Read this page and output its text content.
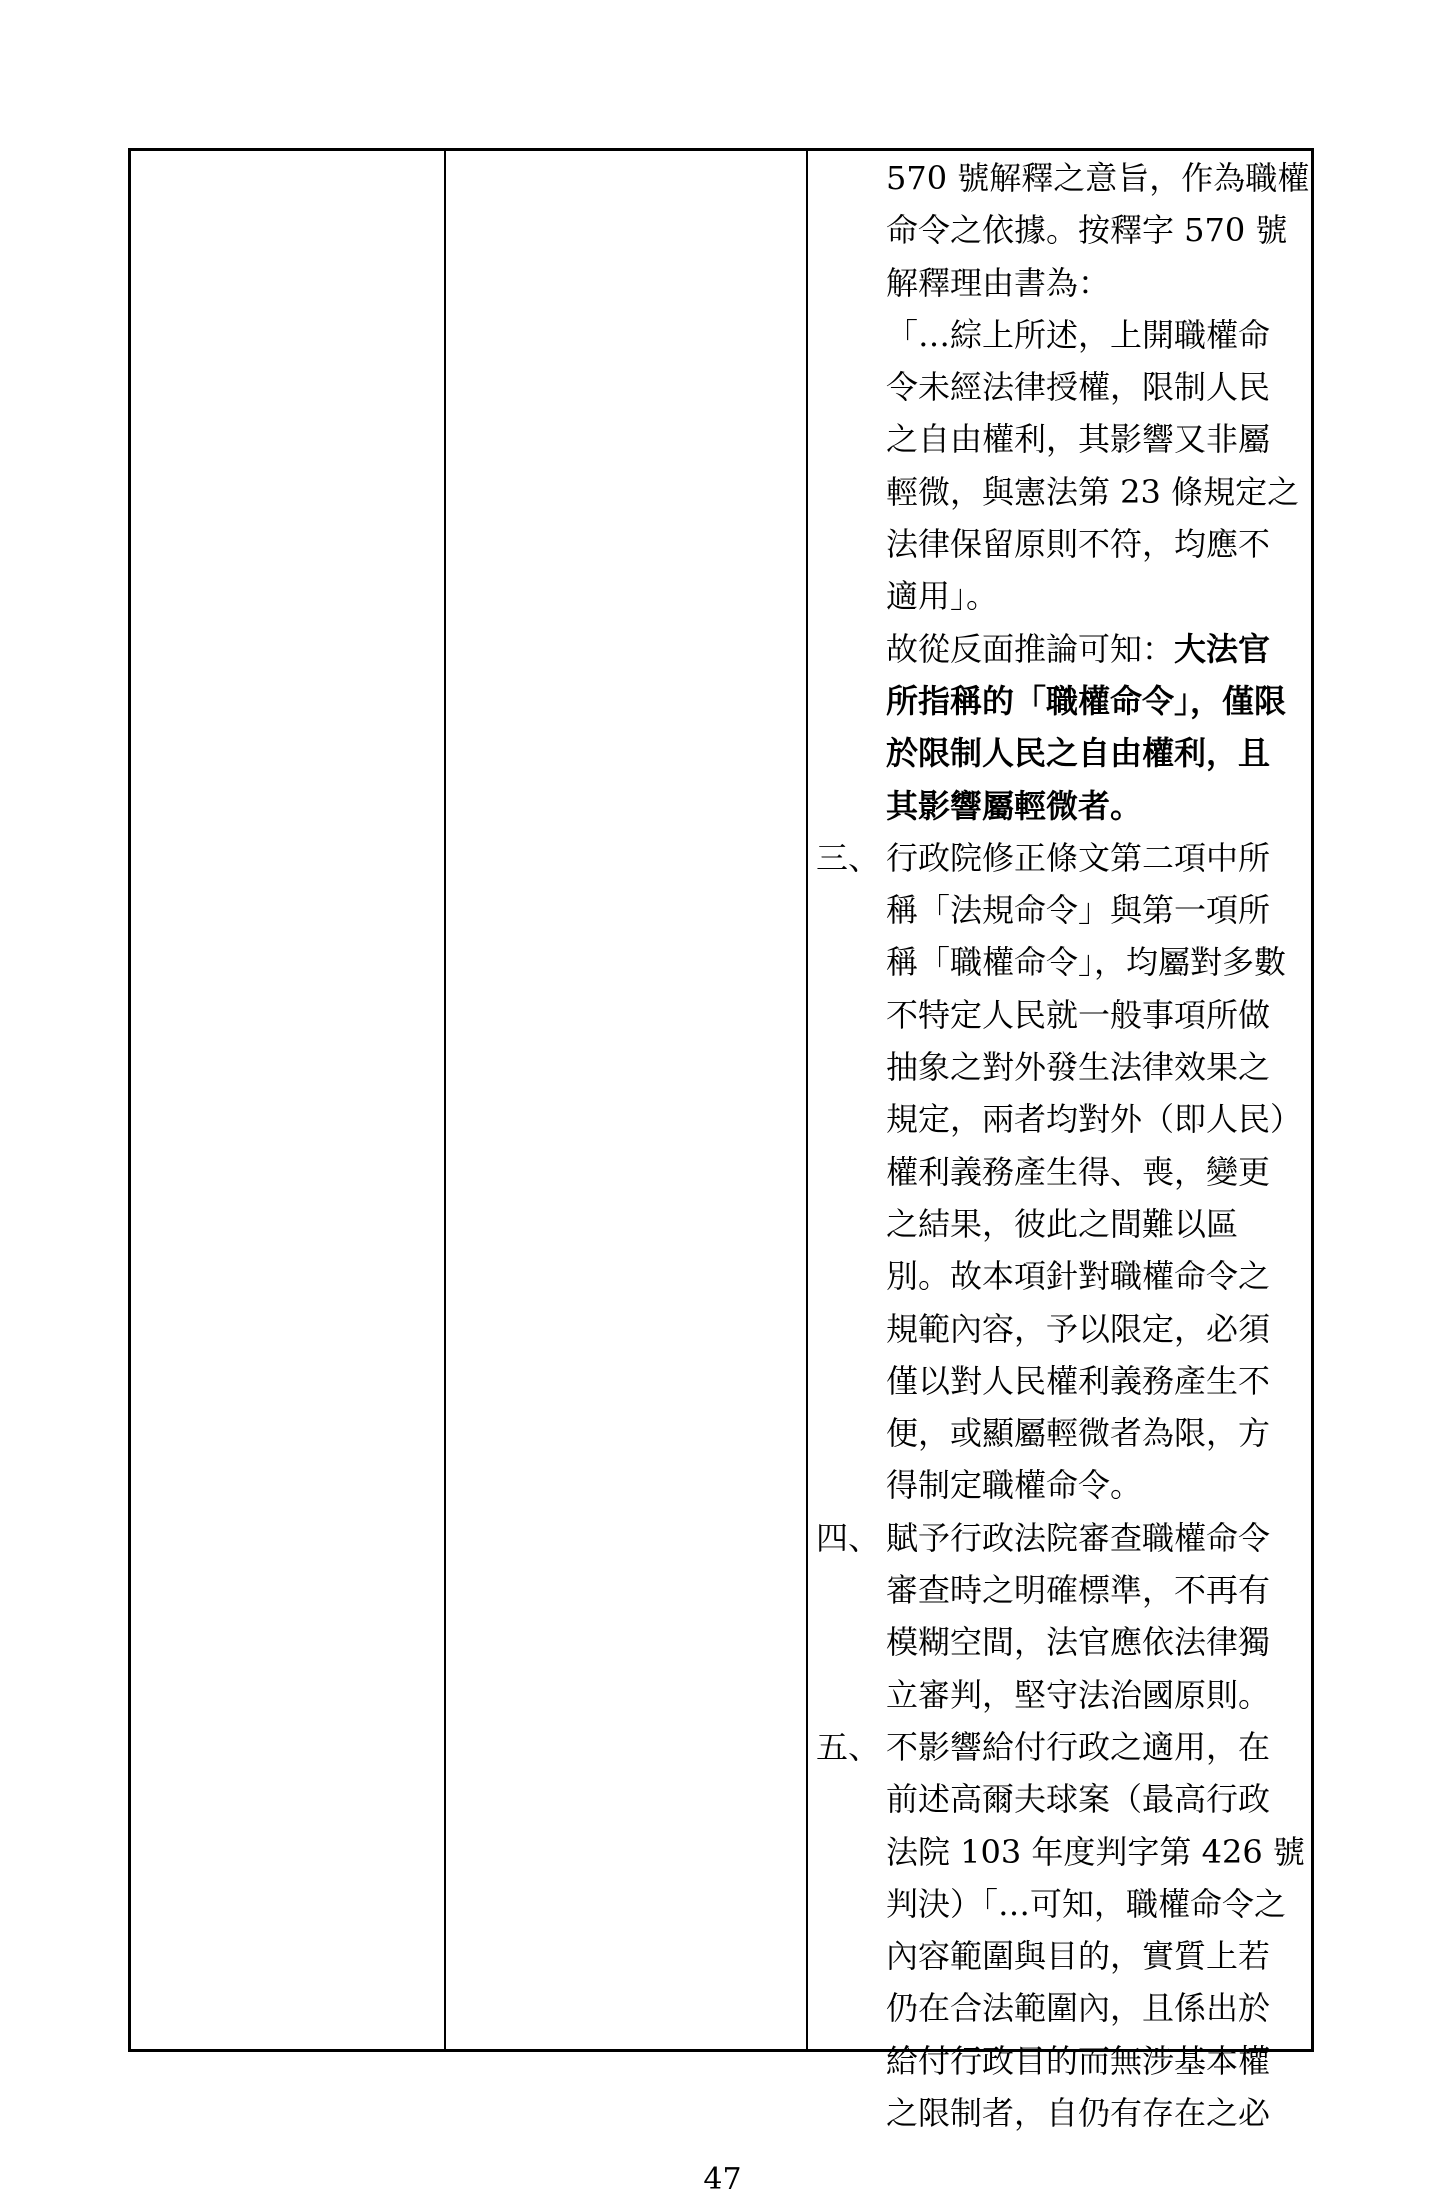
570 號解釋之意旨，作為職權
命令之依據。按釋字 570 號
解釋理由書為：
「…綜上所述，上開職權命
令未經法律授權，限制人民
之自由權利，其影響又非屬
輕微，與憲法第 23 條規定之
法律保留原則不符，均應不
適用」。
故從反面推論可知：大法官
所指稱的「職權命令」，僅限
於限制人民之自由權利，且
其影響屬輕微者。
三、 行政院修正條文第二項中所
稱「法規命令」與第一項所
稱「職權命令」，均屬對多數
不特定人民就一般事項所做
抽象之對外發生法律效果之
規定，兩者均對外（即人民）
權利義務產生得、喪，變更
之結果，彼此之間難以區
別。故本項針對職權命令之
規範內容，予以限定，必須
僅以對人民權利義務產生不
便，或顯屬輕微者為限，方
得制定職權命令。
四、 賦予行政法院審查職權命令
審查時之明確標準，不再有
模糊空間，法官應依法律獨
立審判，堅守法治國原則。
五、 不影響給付行政之適用，在
前述高爾夫球案（最高行政
法院 103 年度判字第 426 號
判決）「…可知，職權命令之
內容範圍與目的，實質上若
仍在合法範圍內，且係出於
給付行政目的而無涉基本權
之限制者，自仍有存在之必
47
